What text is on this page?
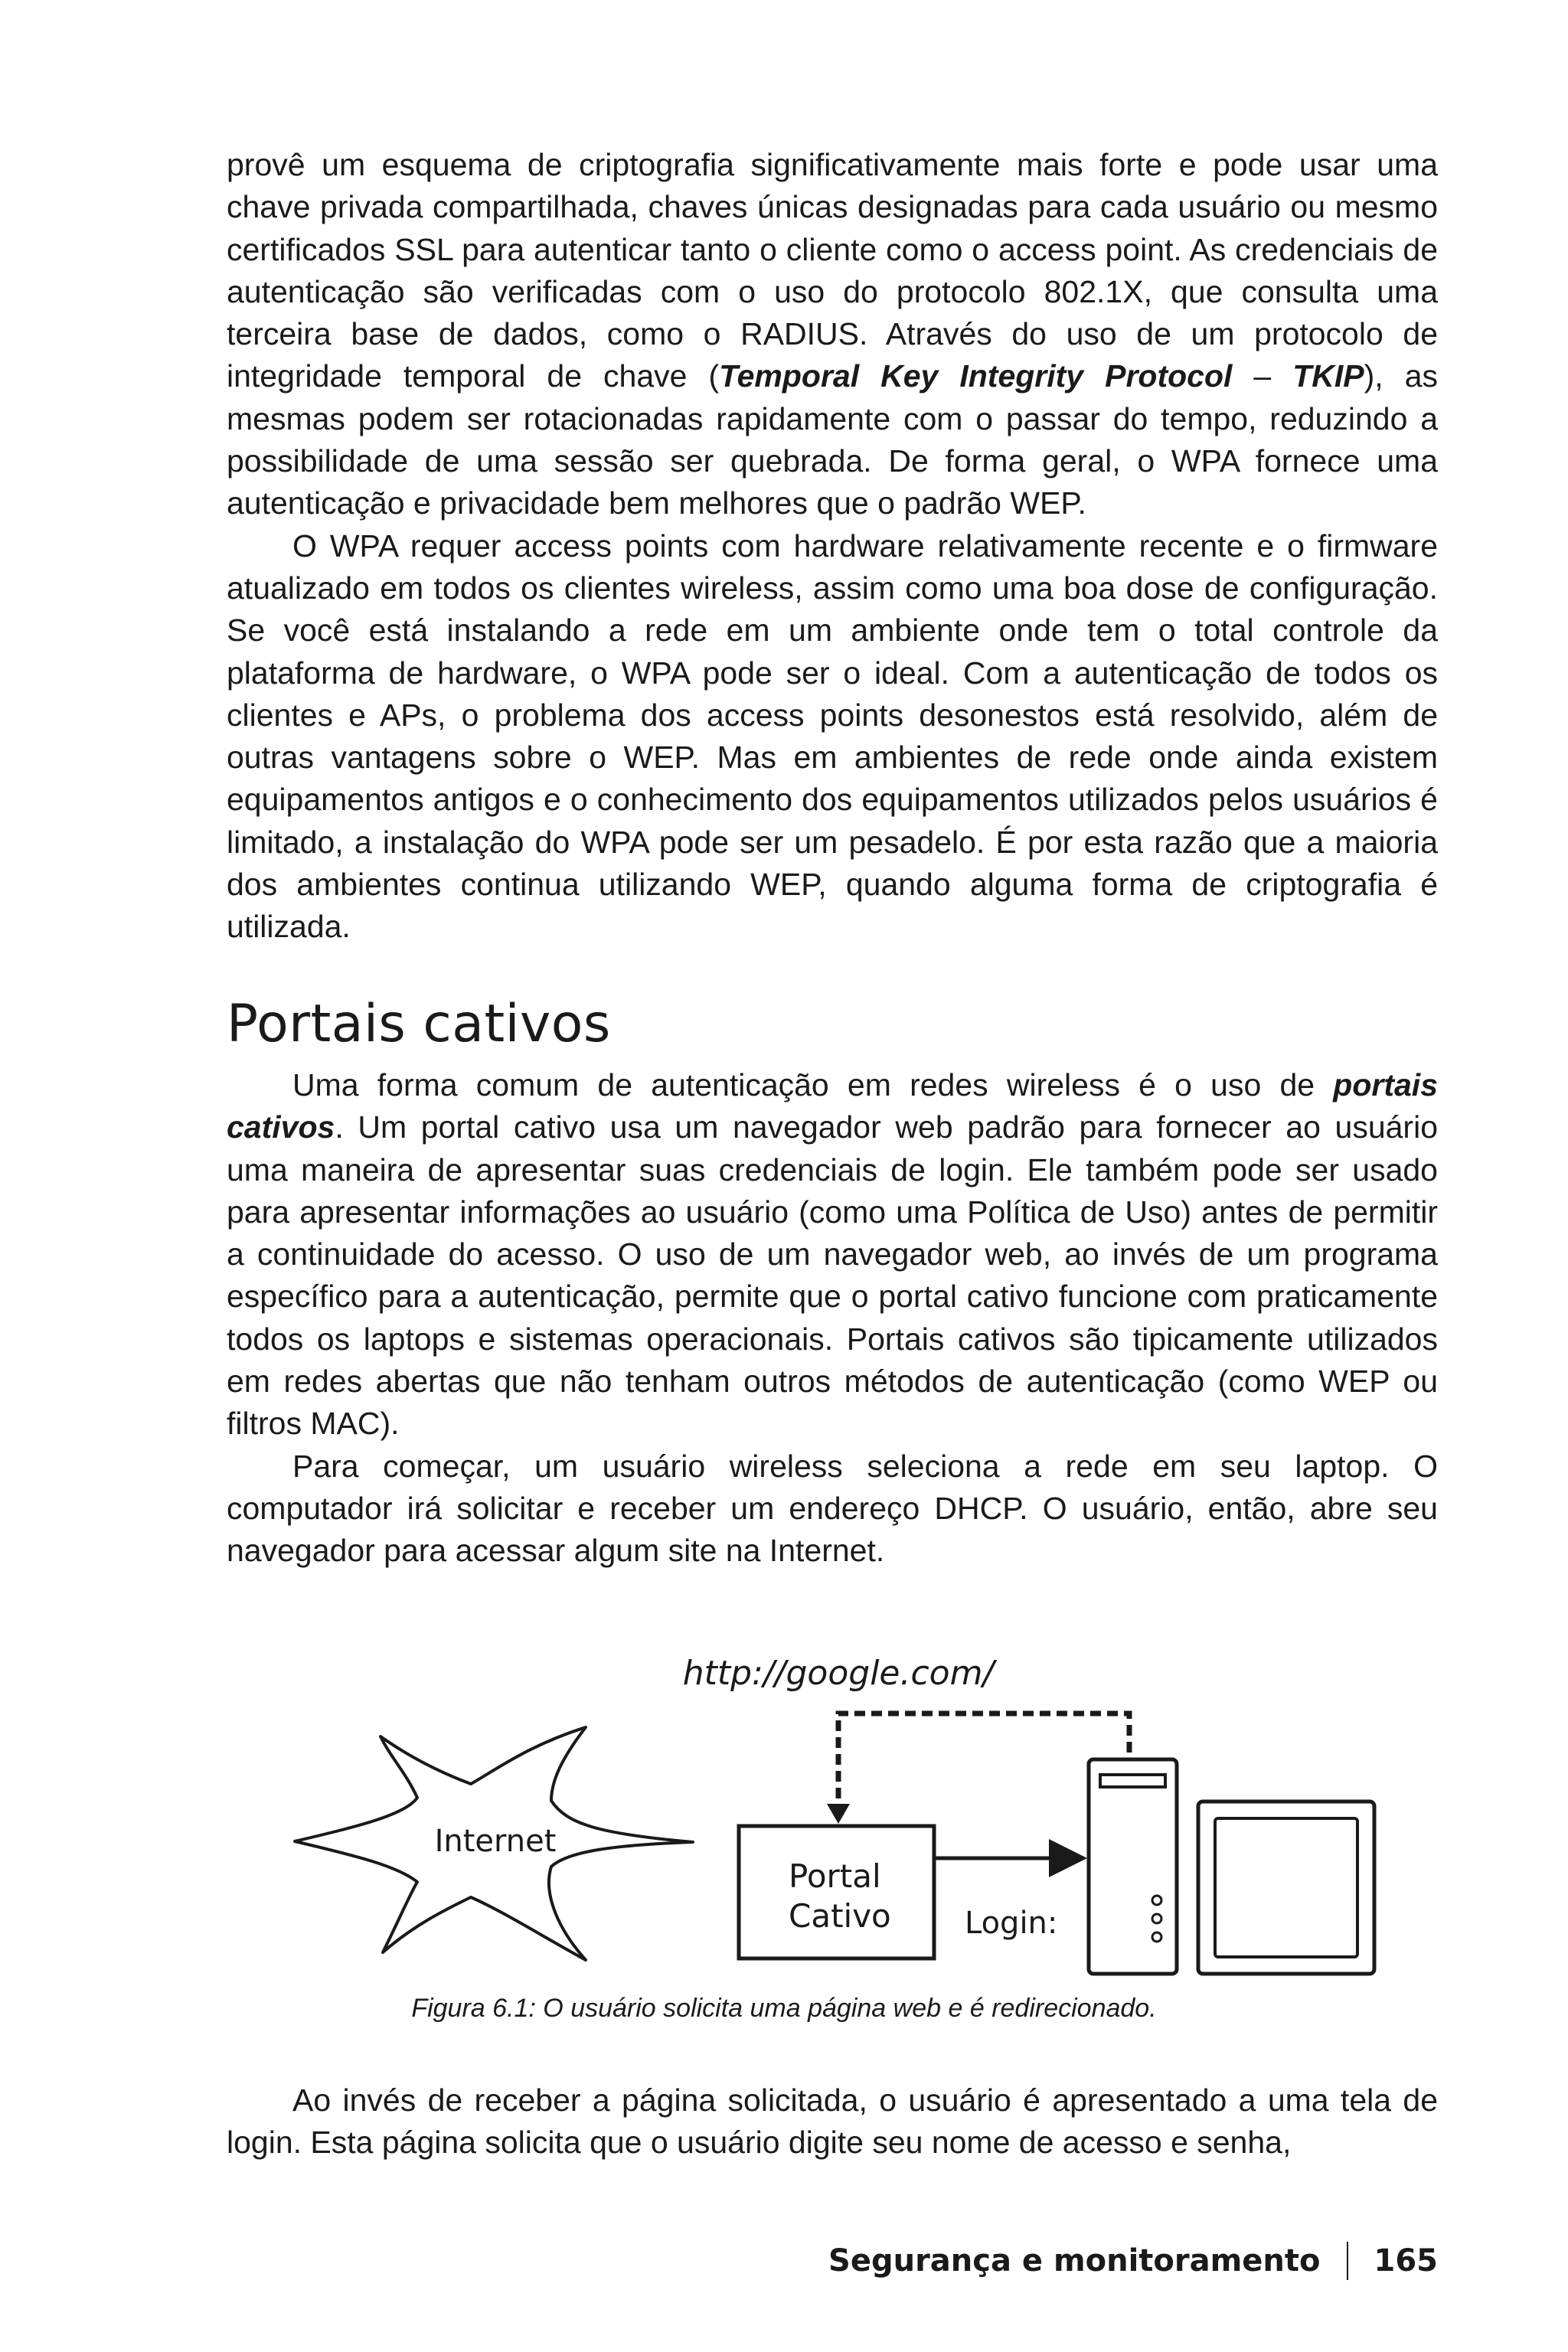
provê um esquema de criptografia significativamente mais forte e pode usar uma chave privada compartilhada, chaves únicas designadas para cada usuário ou mesmo certificados SSL para autenticar tanto o cliente como o access point. As credenciais de autenticação são verificadas com o uso do protocolo 802.1X, que consulta uma terceira base de dados, como o RADIUS. Através do uso de um protocolo de integridade temporal de chave (Temporal Key Integrity Protocol – TKIP), as mesmas podem ser rotacionadas rapidamente com o passar do tempo, reduzindo a possibilidade de uma sessão ser quebrada. De forma geral, o WPA fornece uma autenticação e privacidade bem melhores que o padrão WEP.

O WPA requer access points com hardware relativamente recente e o firmware atualizado em todos os clientes wireless, assim como uma boa dose de configuração. Se você está instalando a rede em um ambiente onde tem o total controle da plataforma de hardware, o WPA pode ser o ideal. Com a autenticação de todos os clientes e APs, o problema dos access points desonestos está resolvido, além de outras vantagens sobre o WEP. Mas em ambientes de rede onde ainda existem equipamentos antigos e o conhecimento dos equipamentos utilizados pelos usuários é limitado, a instalação do WPA pode ser um pesadelo. É por esta razão que a maioria dos ambientes continua utilizando WEP, quando alguma forma de criptografia é utilizada.

Portais cativos

Uma forma comum de autenticação em redes wireless é o uso de portais cativos. Um portal cativo usa um navegador web padrão para fornecer ao usuário uma maneira de apresentar suas credenciais de login. Ele também pode ser usado para apresentar informações ao usuário (como uma Política de Uso) antes de permitir a continuidade do acesso. O uso de um navegador web, ao invés de um programa específico para a autenticação, permite que o portal cativo funcione com praticamente todos os laptops e sistemas operacionais. Portais cativos são tipicamente utilizados em redes abertas que não tenham outros métodos de autenticação (como WEP ou filtros MAC).

Para começar, um usuário wireless seleciona a rede em seu laptop. O computador irá solicitar e receber um endereço DHCP. O usuário, então, abre seu navegador para acessar algum site na Internet.

http://google.com/
Internet
Portal
Cativo Login:
Figura 6.1: O usuário solicita uma página web e é redirecionado.

Ao invés de receber a página solicitada, o usuário é apresentado a uma tela de login. Esta página solicita que o usuário digite seu nome de acesso e senha,

Segurança e monitoramento 165
